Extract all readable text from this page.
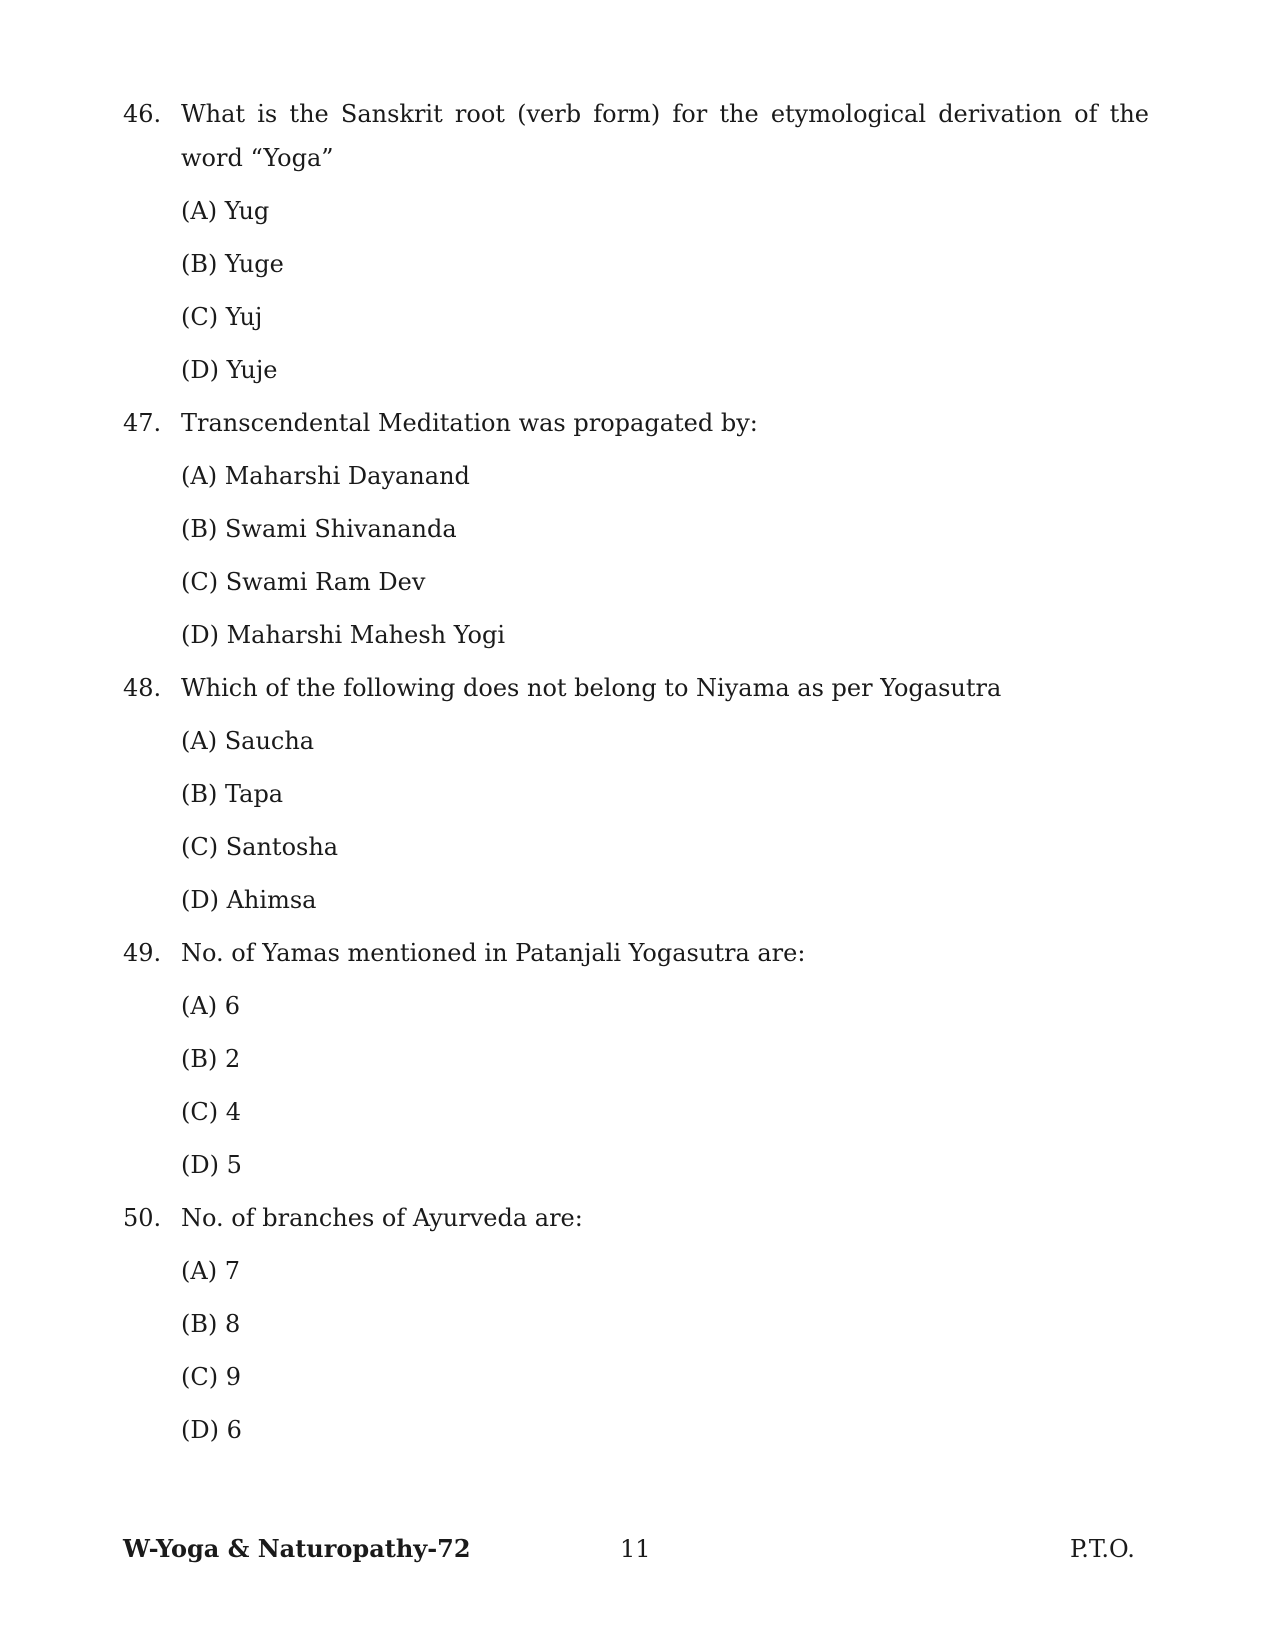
46. What is the Sanskrit root (verb form) for the etymological derivation of the word “Yoga”
(A) Yug
(B) Yuge
(C) Yuj
(D) Yuje
47. Transcendental Meditation was propagated by:
(A) Maharshi Dayanand
(B) Swami Shivananda
(C) Swami Ram Dev
(D) Maharshi Mahesh Yogi
48. Which of the following does not belong to Niyama as per Yogasutra
(A) Saucha
(B) Tapa
(C) Santosha
(D) Ahimsa
49. No. of Yamas mentioned in Patanjali Yogasutra are:
(A) 6
(B) 2
(C) 4
(D) 5
50. No. of branches of Ayurveda are:
(A) 7
(B) 8
(C) 9
(D) 6
W-Yoga & Naturopathy-72	11	P.T.O.
